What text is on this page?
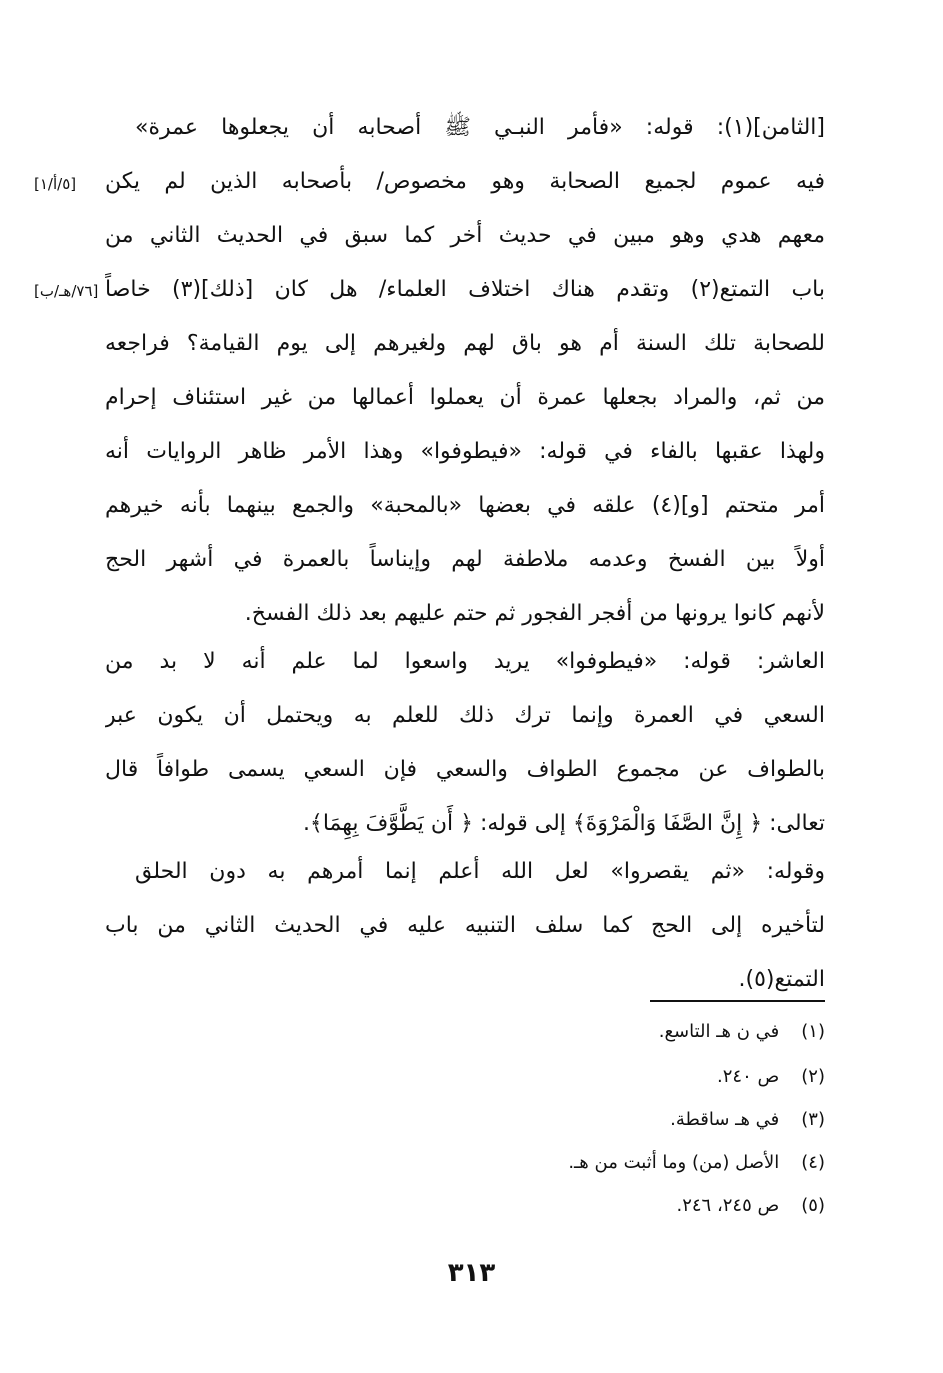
[الثامن](١): قوله: «فأمر النبـي ﷺ أصحابه أن يجعلوها عمرة»
فيه عموم لجميع الصحابة وهو مخصوص/ بأصحابه الذين لم يكن
معهم هدي وهو مبين في حديث أخر كما سبق في الحديث الثاني من
باب التمتع(٢) وتقدم هناك اختلاف العلماء/ هل كان [ذلك](٣) خاصاً
للصحابة تلك السنة أم هو باق لهم ولغيرهم إلى يوم القيامة؟ فراجعه
من ثم، والمراد بجعلها عمرة أن يعملوا أعمالها من غير استئناف إحرام
ولهذا عقبها بالفاء في قوله: «فيطوفوا» وهذا الأمر ظاهر الروايات أنه
أمر متحتم [و](٤) علقه في بعضها «بالمحبة» والجمع بينهما بأنه خيرهم
أولاً بين الفسخ وعدمه ملاطفة لهم وإيناساً بالعمرة في أشهر الحج
لأنهم كانوا يرونها من أفجر الفجور ثم حتم عليهم بعد ذلك الفسخ.
العاشر: قوله: «فيطوفوا» يريد واسعوا لما علم أنه لا بد من
السعي في العمرة وإنما ترك ذلك للعلم به ويحتمل أن يكون عبر
بالطواف عن مجموع الطواف والسعي فإن السعي يسمى طوافاً قال
تعالى: ﴿ إِنَّ الصَّفَا وَالْمَرْوَةَ﴾ إلى قوله: ﴿ أَن يَطَّوَّفَ بِهِمَا﴾.
وقوله: «ثم يقصروا» لعل الله أعلم إنما أمرهم به دون الحلق
لتأخيره إلى الحج كما سلف التنبيه عليه في الحديث الثاني من باب
التمتع(٥).
[٥/أ/١]
[٧٦/هـ/ب]
(١) في ن هـ التاسع.
(٢) ص ٢٤٠.
(٣) في هـ ساقطة.
(٤) الأصل (من) وما أثبت من هـ.
(٥) ص ٢٤٥، ٢٤٦.
٣١٣
